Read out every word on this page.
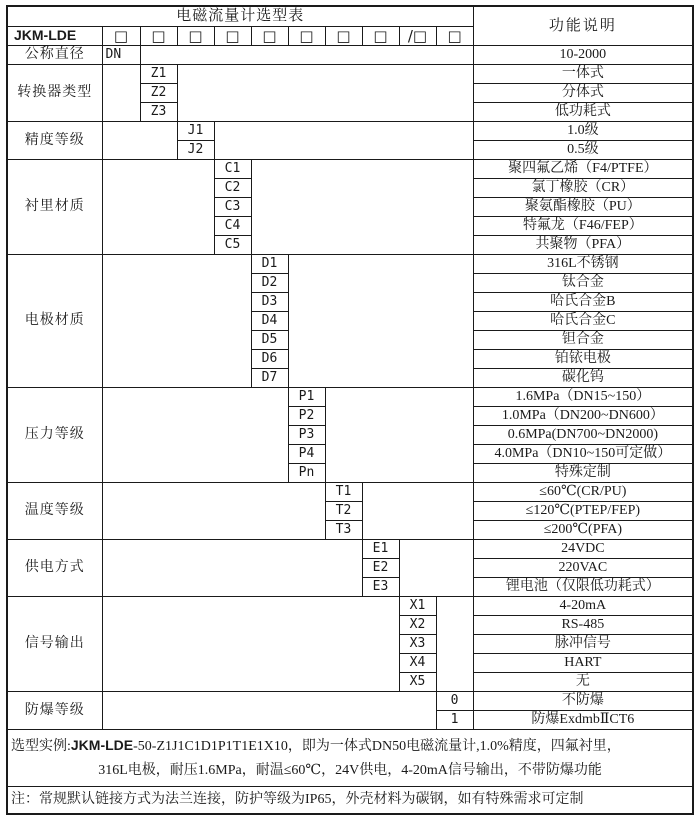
电磁流量计选型表											功能说明
JKM-LDE	□	□	□	□	□	□	□	□	/□	□	
公称直径	DN										10-2000
转换器类型		Z1									一体式
		Z2									分体式
		Z3									低功耗式
精度等级			J1								1.0级
			J2								0.5级
衬里材质				C1							聚四氟乙烯（F4/PTFE）
				C2							氯丁橡胶（CR）
				C3							聚氨酯橡胶（PU）
				C4							特氟龙（F46/FEP）
				C5							共聚物（PFA）
电极材质					D1						316L不锈钢
					D2						钛合金
					D3						哈氏合金B
					D4						哈氏合金C
					D5						钽合金
					D6						铂铱电极
					D7						碳化钨
压力等级						P1					1.6MPa（DN15~150）
						P2					1.0MPa（DN200~DN600）
						P3					0.6MPa(DN700~DN2000)
						P4					4.0MPa（DN10~150可定做）
						Pn					特殊定制
温度等级							T1				≤60℃(CR/PU)
							T2				≤120℃(PTEP/FEP)
							T3				≤200℃(PFA)
供电方式								E1			24VDC
								E2			220VAC
								E3			锂电池（仅限低功耗式）
信号输出									X1		4-20mA
									X2		RS-485
									X3		脉冲信号
									X4		HART
									X5		无
防爆等级										0	不防爆
										1	防爆ExdmbⅡCT6

选型实例:JKM-LDE-50-Z1J1C1D1P1T1E1X10，即为一体式DN50电磁流量计,1.0%精度，四氟衬里，
316L电极，耐压1.6MPa，耐温≤60℃，24V供电，4-20mA信号输出，不带防爆功能											

注：常规默认链接方式为法兰连接，防护等级为IP65，外壳材料为碳钢，如有特殊需求可定制											
